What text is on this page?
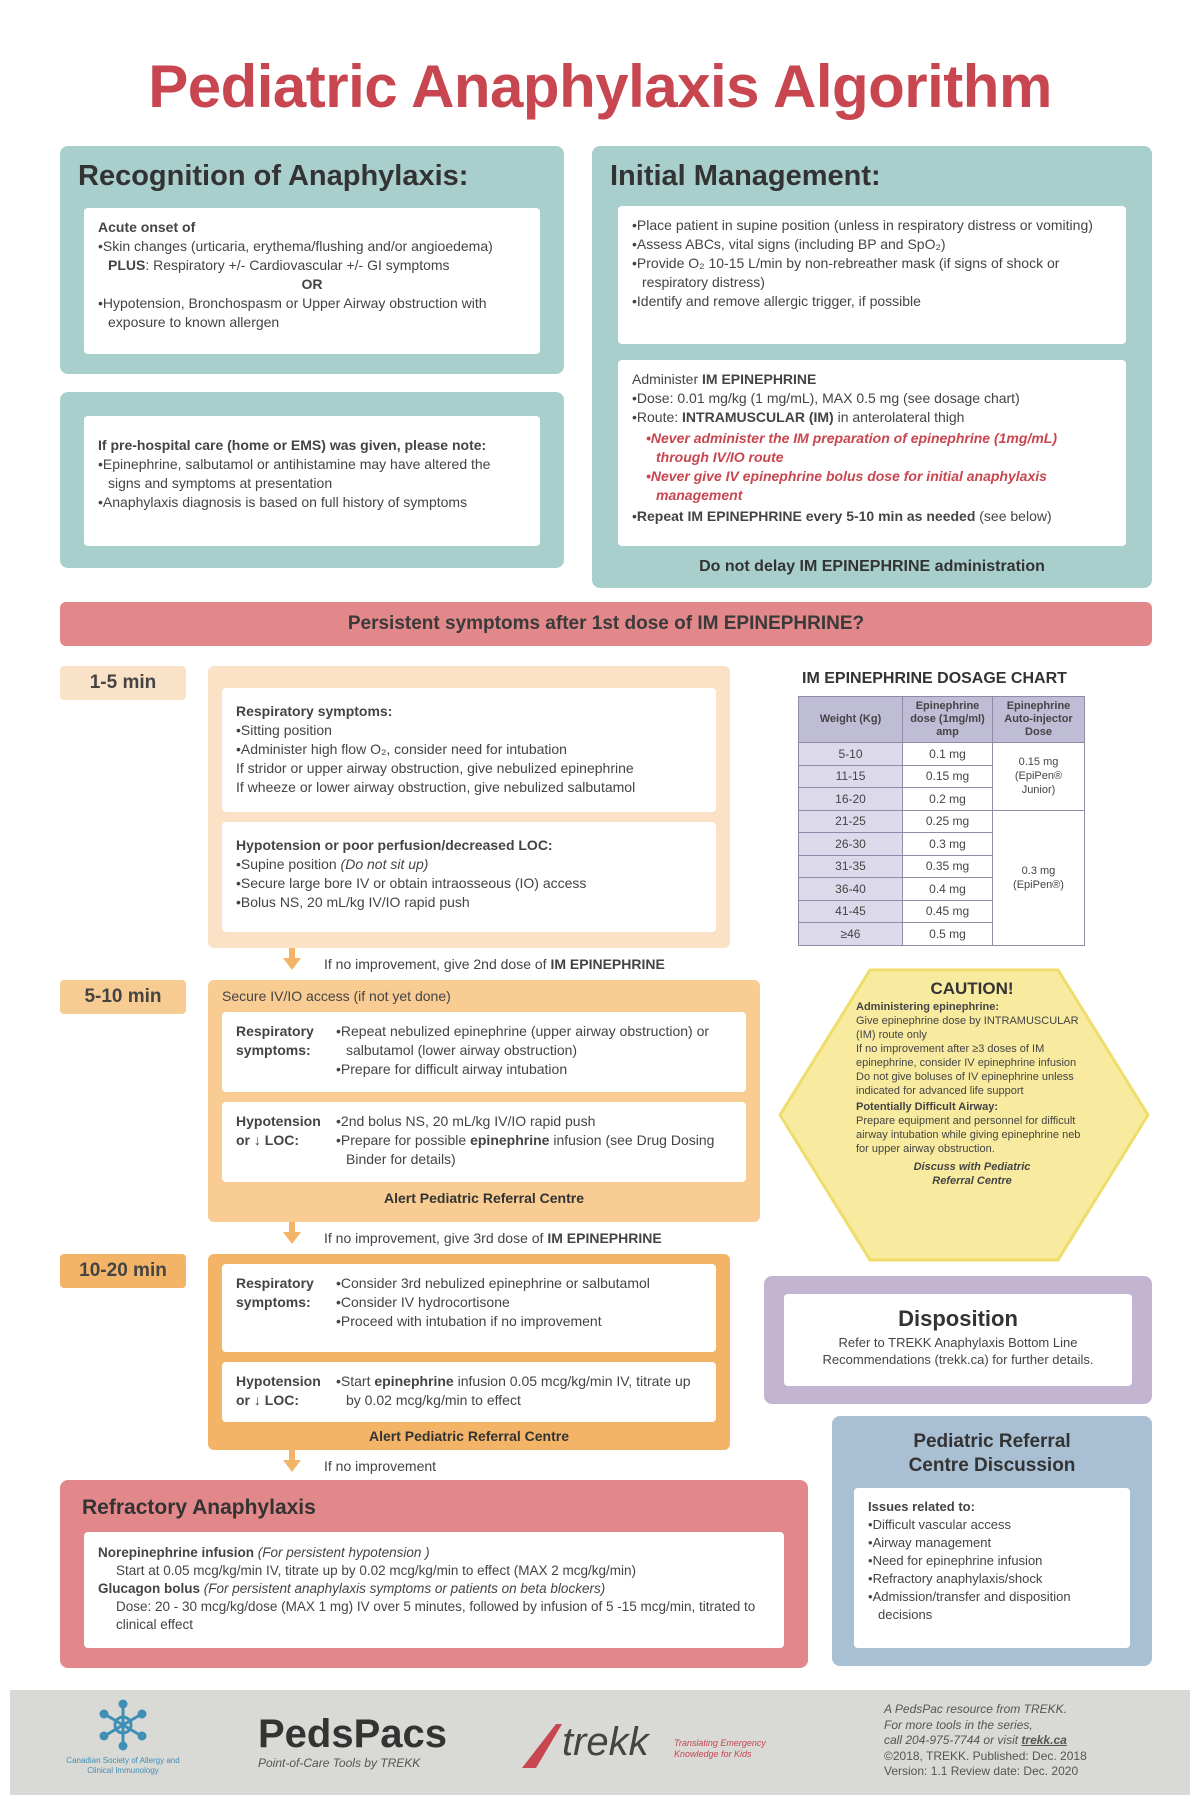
Pediatric Anaphylaxis Algorithm
Recognition of Anaphylaxis:
Acute onset of
• Skin changes (urticaria, erythema/flushing and/or angioedema)
PLUS: Respiratory +/- Cardiovascular +/- GI symptoms
OR
• Hypotension, Bronchospasm or Upper Airway obstruction with exposure to known allergen
If pre-hospital care (home or EMS) was given, please note:
• Epinephrine, salbutamol or antihistamine may have altered the signs and symptoms at presentation
• Anaphylaxis diagnosis is based on full history of symptoms
Initial Management:
• Place patient in supine position (unless in respiratory distress or vomiting)
• Assess ABCs, vital signs (including BP and SpO₂)
• Provide O₂ 10-15 L/min by non-rebreather mask (if signs of shock or respiratory distress)
• Identify and remove allergic trigger, if possible
Administer IM EPINEPHRINE
• Dose: 0.01 mg/kg (1 mg/mL), MAX 0.5 mg (see dosage chart)
• Route: INTRAMUSCULAR (IM) in anterolateral thigh
• Never administer the IM preparation of epinephrine (1mg/mL) through IV/IO route
• Never give IV epinephrine bolus dose for initial anaphylaxis management
• Repeat IM EPINEPHRINE every 5-10 min as needed (see below)
Do not delay IM EPINEPHRINE administration
Persistent symptoms after 1st dose of IM EPINEPHRINE?
1-5 min
Respiratory symptoms:
• Sitting position
• Administer high flow O₂, consider need for intubation
If stridor or upper airway obstruction, give nebulized epinephrine
If wheeze or lower airway obstruction, give nebulized salbutamol
Hypotension or poor perfusion/decreased LOC:
• Supine position (Do not sit up)
• Secure large bore IV or obtain intraosseous (IO) access
• Bolus NS, 20 mL/kg IV/IO rapid push
If no improvement, give 2nd dose of IM EPINEPHRINE
5-10 min	Secure IV/IO access (if not yet done)
Respiratory symptoms:
• Repeat nebulized epinephrine (upper airway obstruction) or salbutamol (lower airway obstruction)
• Prepare for difficult airway intubation
Hypotension or ↓ LOC:
• 2nd bolus NS, 20 mL/kg IV/IO rapid push
• Prepare for possible epinephrine infusion (see Drug Dosing Binder for details)
Alert Pediatric Referral Centre
If no improvement, give 3rd dose of IM EPINEPHRINE
10-20 min
Respiratory symptoms:
• Consider 3rd nebulized epinephrine or salbutamol
• Consider IV hydrocortisone
• Proceed with intubation if no improvement
Hypotension or ↓ LOC:
• Start epinephrine infusion 0.05 mcg/kg/min IV, titrate up by 0.02 mcg/kg/min to effect
Alert Pediatric Referral Centre
If no improvement
IM EPINEPHRINE DOSAGE CHART
Weight (Kg)	Epinephrine dose (1mg/ml) amp	Epinephrine Auto-injector Dose
5-10	0.1 mg	0.15 mg (EpiPen® Junior)
11-15	0.15 mg	
16-20	0.2 mg	
21-25	0.25 mg	0.3 mg (EpiPen®)
26-30	0.3 mg	
31-35	0.35 mg	
36-40	0.4 mg	
41-45	0.45 mg	
≥46	0.5 mg	
CAUTION!
Administering epinephrine:
Give epinephrine dose by INTRAMUSCULAR (IM) route only
If no improvement after ≥3 doses of IM epinephrine, consider IV epinephrine infusion
Do not give boluses of IV epinephrine unless indicated for advanced life support
Potentially Difficult Airway:
Prepare equipment and personnel for difficult airway intubation while giving epinephrine neb for upper airway obstruction.
Discuss with Pediatric Referral Centre
Disposition
Refer to TREKK Anaphylaxis Bottom Line Recommendations (trekk.ca) for further details.
Pediatric Referral Centre Discussion
Issues related to:
• Difficult vascular access
• Airway management
• Need for epinephrine infusion
• Refractory anaphylaxis/shock
• Admission/transfer and disposition decisions
Refractory Anaphylaxis
Norepinephrine infusion (For persistent hypotension )
Start at 0.05 mcg/kg/min IV, titrate up by 0.02 mcg/kg/min to effect (MAX 2 mcg/kg/min)
Glucagon bolus (For persistent anaphylaxis symptoms or patients on beta blockers)
Dose: 20 - 30 mcg/kg/dose (MAX 1 mg) IV over 5 minutes, followed by infusion of 5 -15 mcg/min, titrated to clinical effect
Canadian Society of Allergy and Clinical Immunology
PedsPacs
Point-of-Care Tools by TREKK	trekk	Translating Emergency Knowledge for Kids
A PedsPac resource from TREKK.
For more tools in the series,
call 204-975-7744 or visit trekk.ca
©2018, TREKK. Published: Dec. 2018
Version: 1.1 Review date: Dec. 2020
